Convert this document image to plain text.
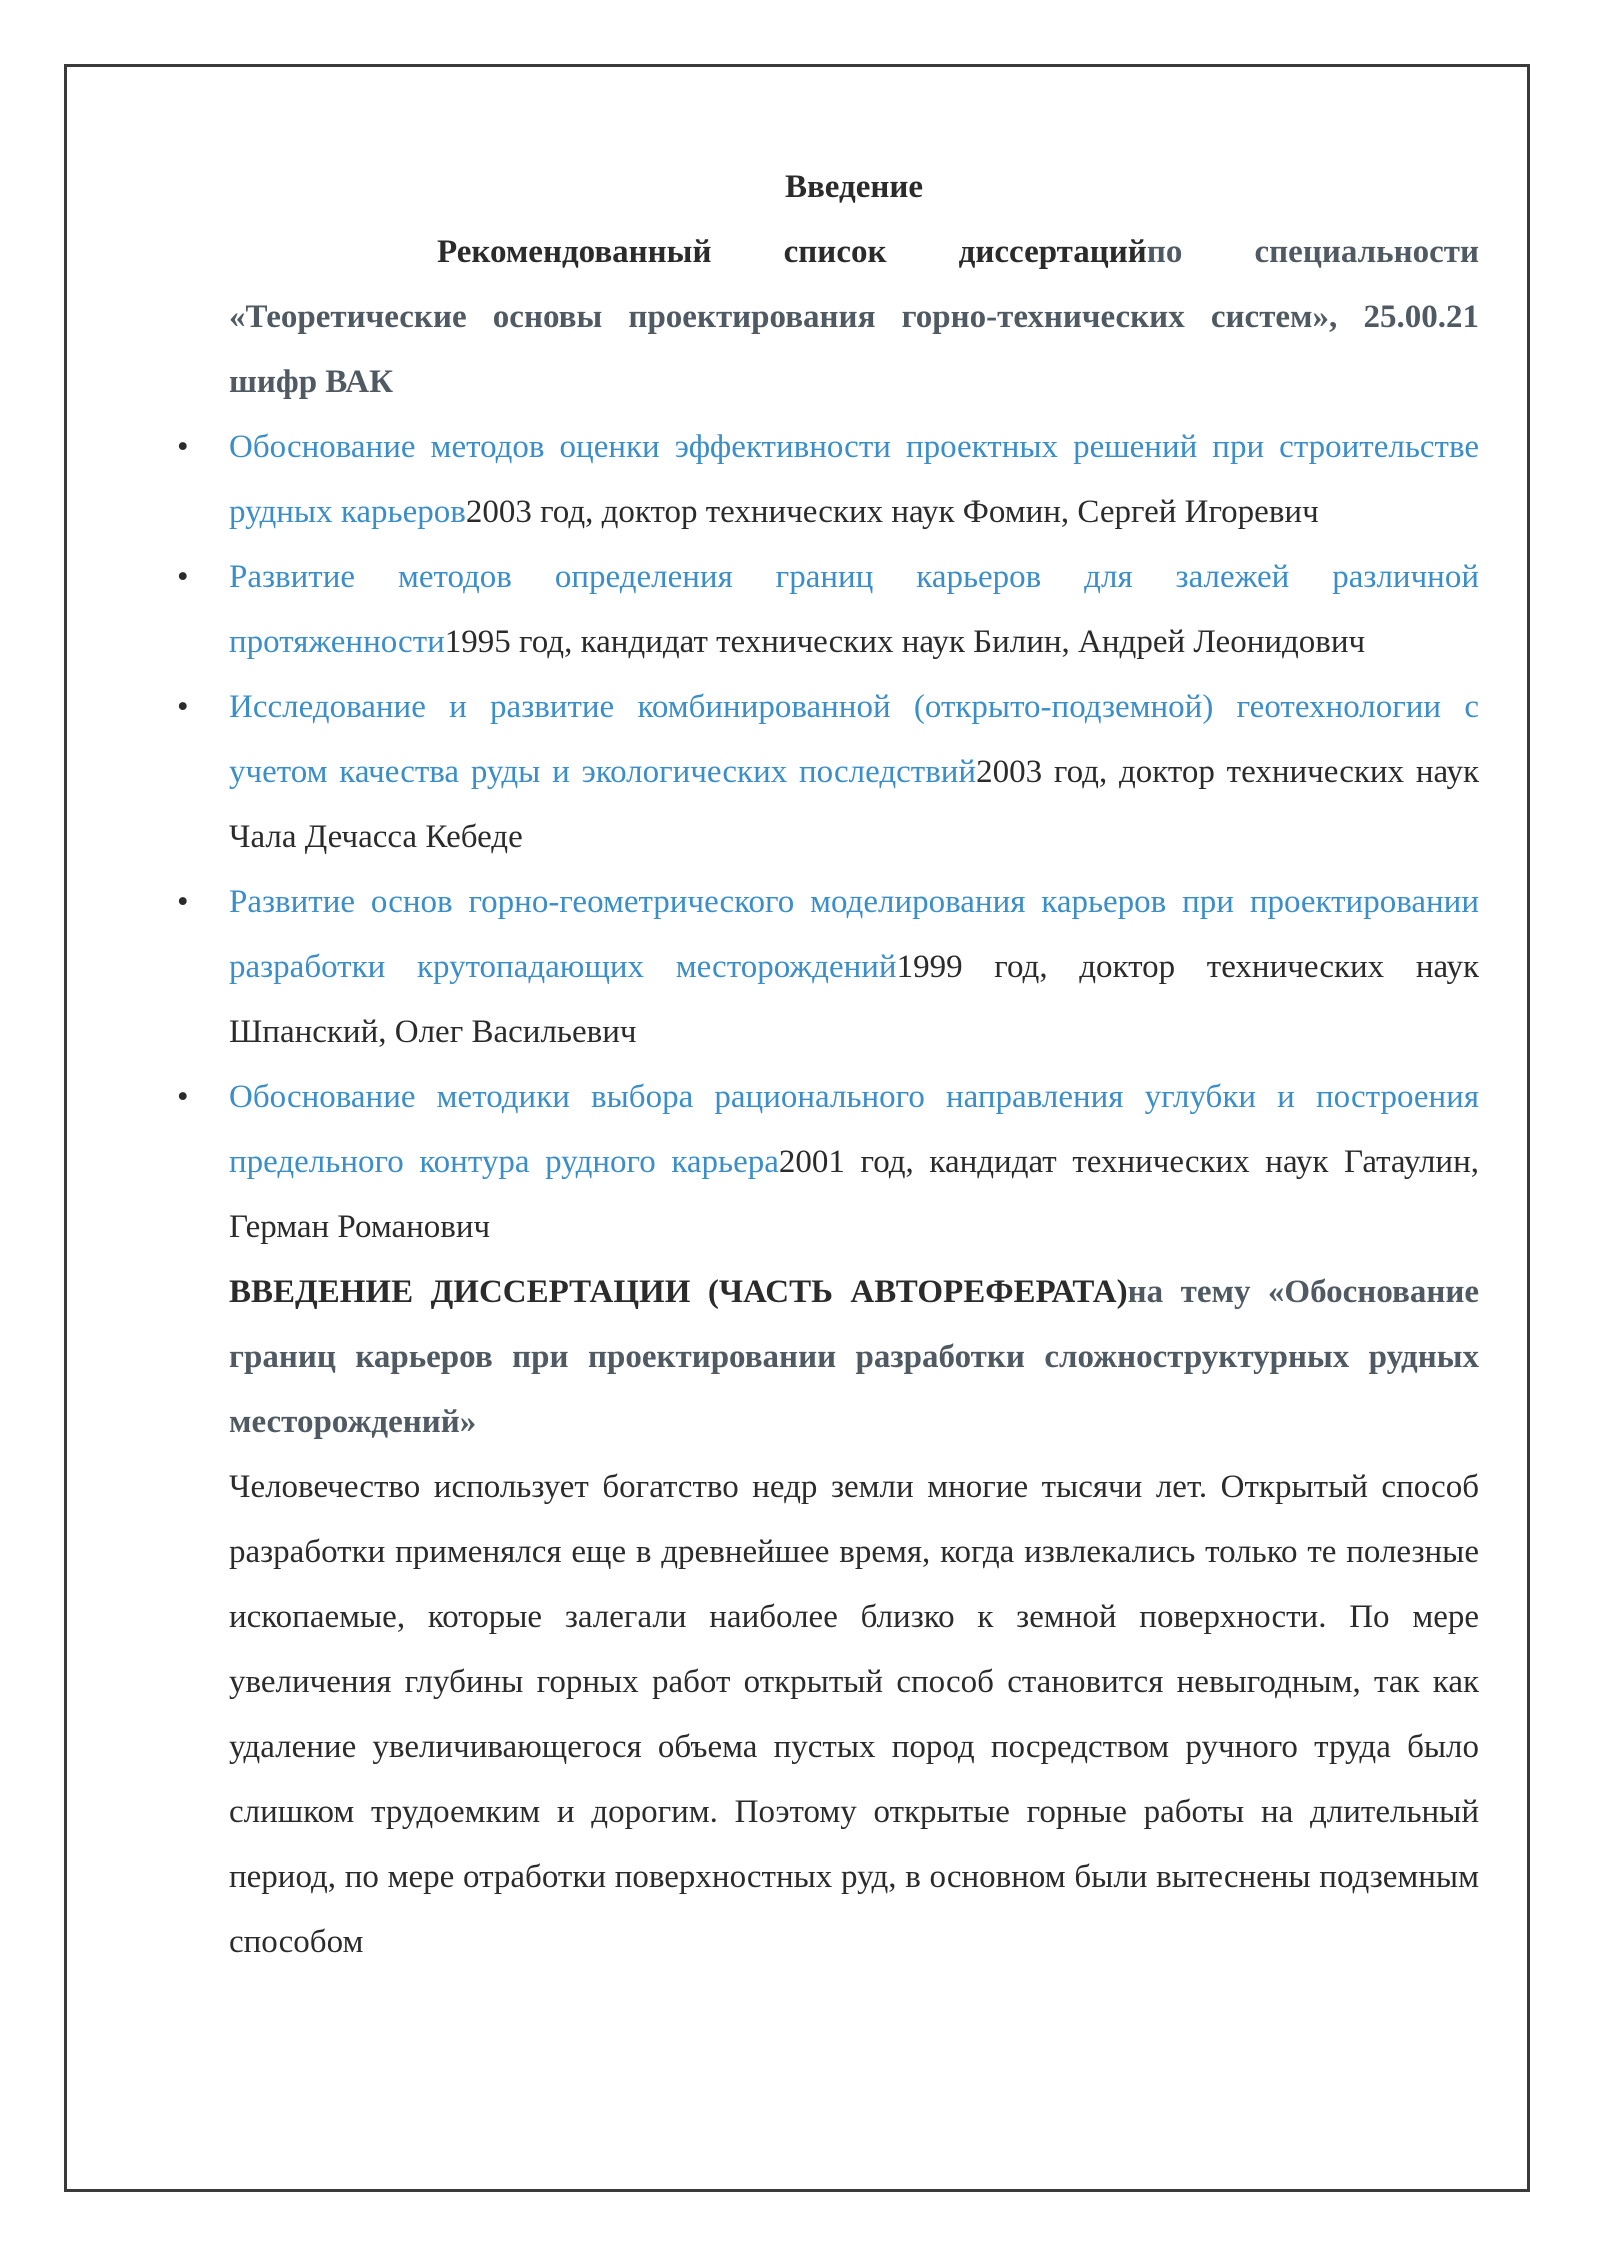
Введение

Рекомендованный список диссертацийпо специальности «Теоретические основы проектирования горно-технических систем», 25.00.21 шифр ВАК

• Обоснование методов оценки эффективности проектных решений при строительстве рудных карьеров2003 год, доктор технических наук Фомин, Сергей Игоревич
• Развитие методов определения границ карьеров для залежей различной протяженности1995 год, кандидат технических наук Билин, Андрей Леонидович
• Исследование и развитие комбинированной (открыто-подземной) геотехнологии с учетом качества руды и экологических последствий2003 год, доктор технических наук Чала Дечасса Кебеде
• Развитие основ горно-геометрического моделирования карьеров при проектировании разработки крутопадающих месторождений1999 год, доктор технических наук Шпанский, Олег Васильевич
• Обоснование методики выбора рационального направления углубки и построения предельного контура рудного карьера2001 год, кандидат технических наук Гатаулин, Герман Романович

ВВЕДЕНИЕ ДИССЕРТАЦИИ (ЧАСТЬ АВТОРЕФЕРАТА)на тему «Обоснование границ карьеров при проектировании разработки сложноструктурных рудных месторождений»

Человечество использует богатство недр земли многие тысячи лет. Открытый способ разработки применялся еще в древнейшее время, когда извлекались только те полезные ископаемые, которые залегали наиболее близко к земной поверхности. По мере увеличения глубины горных работ открытый способ становится невыгодным, так как удаление увеличивающегося объема пустых пород посредством ручного труда было слишком трудоемким и дорогим. Поэтому открытые горные работы на длительный период, по мере отработки поверхностных руд, в основном были вытеснены подземным способом
